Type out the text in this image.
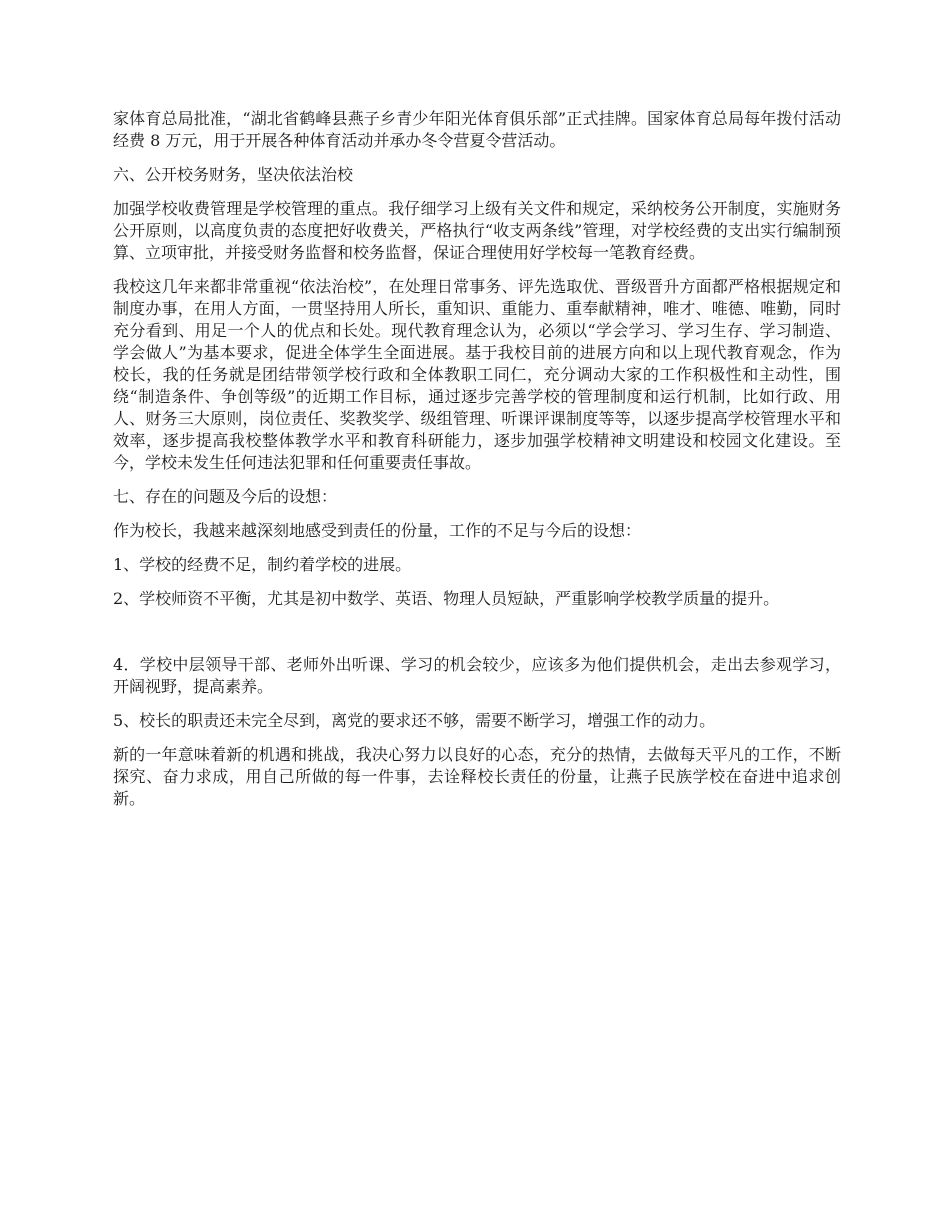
家体育总局批准，“湖北省鹤峰县燕子乡青少年阳光体育俱乐部”正式挂牌。国家体育总局每年拨付活动经费 8 万元，用于开展各种体育活动并承办冬令营夏令营活动。

六、公开校务财务，坚决依法治校

加强学校收费管理是学校管理的重点。我仔细学习上级有关文件和规定，采纳校务公开制度，实施财务公开原则，以高度负责的态度把好收费关，严格执行“收支两条线”管理，对学校经费的支出实行编制预算、立项审批，并接受财务监督和校务监督，保证合理使用好学校每一笔教育经费。

我校这几年来都非常重视“依法治校”，在处理日常事务、评先选取优、晋级晋升方面都严格根据规定和制度办事，在用人方面，一贯坚持用人所长，重知识、重能力、重奉献精神，唯才、唯德、唯勤，同时充分看到、用足一个人的优点和长处。现代教育理念认为，必须以“学会学习、学习生存、学习制造、学会做人”为基本要求，促进全体学生全面进展。基于我校目前的进展方向和以上现代教育观念，作为校长，我的任务就是团结带领学校行政和全体教职工同仁，充分调动大家的工作积极性和主动性，围绕“制造条件、争创等级”的近期工作目标，通过逐步完善学校的管理制度和运行机制，比如行政、用人、财务三大原则，岗位责任、奖教奖学、级组管理、听课评课制度等等，以逐步提高学校管理水平和效率，逐步提高我校整体教学水平和教育科研能力，逐步加强学校精神文明建设和校园文化建设。至今，学校未发生任何违法犯罪和任何重要责任事故。

七、存在的问题及今后的设想：

作为校长，我越来越深刻地感受到责任的份量，工作的不足与今后的设想：

1、学校的经费不足，制约着学校的进展。

2、学校师资不平衡，尤其是初中数学、英语、物理人员短缺，严重影响学校教学质量的提升。

4．学校中层领导干部、老师外出听课、学习的机会较少，应该多为他们提供机会，走出去参观学习，开阔视野，提高素养。

5、校长的职责还未完全尽到，离党的要求还不够，需要不断学习，增强工作的动力。

新的一年意味着新的机遇和挑战，我决心努力以良好的心态，充分的热情，去做每天平凡的工作，不断探究、奋力求成，用自己所做的每一件事，去诠释校长责任的份量，让燕子民族学校在奋进中追求创新。
